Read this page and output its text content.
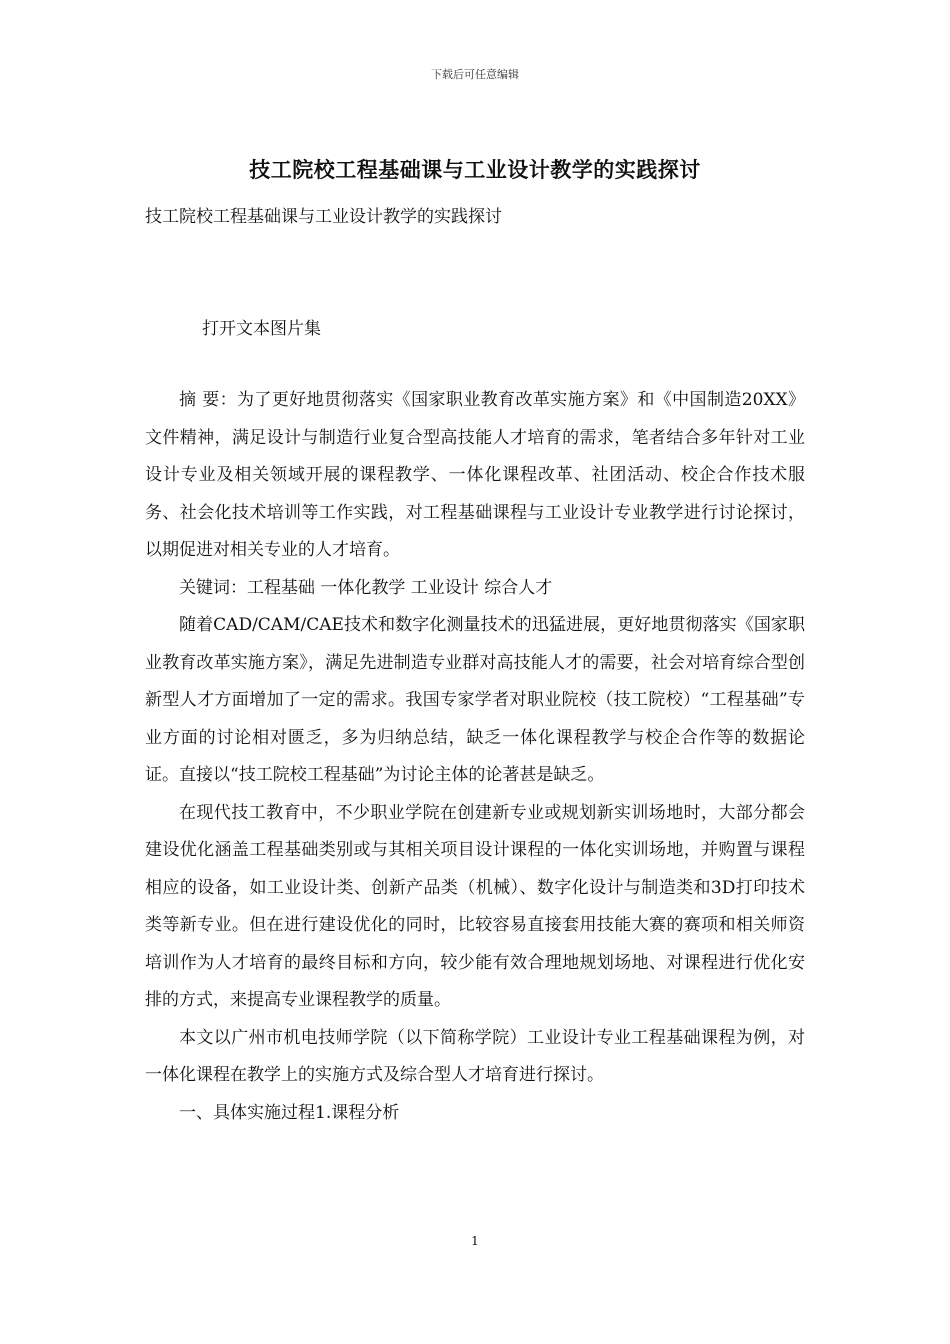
下载后可任意编辑
技工院校工程基础课与工业设计教学的实践探讨
技工院校工程基础课与工业设计教学的实践探讨
打开文本图片集

摘 要：为了更好地贯彻落实《国家职业教育改革实施方案》和《中国制造20XX》文件精神，满足设计与制造行业复合型高技能人才培育的需求，笔者结合多年针对工业设计专业及相关领域开展的课程教学、一体化课程改革、社团活动、校企合作技术服务、社会化技术培训等工作实践，对工程基础课程与工业设计专业教学进行讨论探讨，以期促进对相关专业的人才培育。

关键词：工程基础 一体化教学 工业设计 综合人才

随着CAD/CAM/CAE技术和数字化测量技术的迅猛进展，更好地贯彻落实《国家职业教育改革实施方案》，满足先进制造专业群对高技能人才的需要，社会对培育综合型创新型人才方面增加了一定的需求。我国专家学者对职业院校（技工院校）“工程基础”专业方面的讨论相对匮乏，多为归纳总结，缺乏一体化课程教学与校企合作等的数据论证。直接以“技工院校工程基础”为讨论主体的论著甚是缺乏。

在现代技工教育中，不少职业学院在创建新专业或规划新实训场地时，大部分都会建设优化涵盖工程基础类别或与其相关项目设计课程的一体化实训场地，并购置与课程相应的设备，如工业设计类、创新产品类（机械）、数字化设计与制造类和3D打印技术类等新专业。但在进行建设优化的同时，比较容易直接套用技能大赛的赛项和相关师资培训作为人才培育的最终目标和方向，较少能有效合理地规划场地、对课程进行优化安排的方式，来提高专业课程教学的质量。

本文以广州市机电技师学院（以下简称学院）工业设计专业工程基础课程为例，对一体化课程在教学上的实施方式及综合型人才培育进行探讨。

一、具体实施过程1.课程分析

1
